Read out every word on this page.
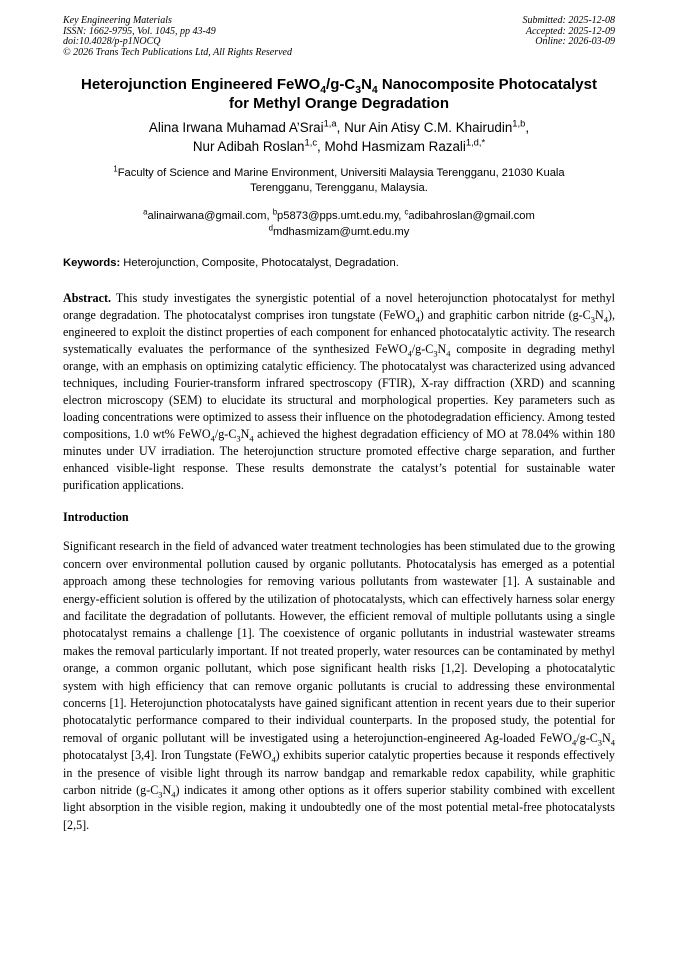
Key Engineering Materials
ISSN: 1662-9795, Vol. 1045, pp 43-49
doi:10.4028/p-p1NOCQ
© 2026 Trans Tech Publications Ltd, All Rights Reserved
Submitted: 2025-12-08
Accepted: 2025-12-09
Online: 2026-03-09
Heterojunction Engineered $FeWO_4/g-C_3N_4$ Nanocomposite Photocatalyst
for Methyl Orange Degradation
Alina Irwana Muhamad A’Srai$^{1,a}$, Nur Ain Atisy C.M. Khairudin$^{1,b}$,
Nur Adibah Roslan$^{1,c}$, Mohd Hasmizam Razali$^{1,d,*}$
$^1$Faculty of Science and Marine Environment, Universiti Malaysia Terengganu, 21030 Kuala
Terengganu, Terengganu, Malaysia.
$^a$alinairwana@gmail.com, $^b$p5873@pps.umt.edu.my, $^c$adibahroslan@gmail.com
$^d$mdhasmizam@umt.edu.my
Keywords: Heterojunction, Composite, Photocatalyst, Degradation.
Abstract. This study investigates the synergistic potential of a novel heterojunction photocatalyst for methyl orange degradation. The photocatalyst comprises iron tungstate (FeWO$_4$) and graphitic carbon nitride $(g-C_3N_4)$, engineered to exploit the distinct properties of each component for enhanced photocatalytic activity. The research systematically evaluates the performance of the synthesized $FeWO_4/g-C_3N_4$ composite in degrading methyl orange, with an emphasis on optimizing catalytic efficiency. The photocatalyst was characterized using advanced techniques, including Fourier-transform infrared spectroscopy (FTIR), X-ray diffraction (XRD) and scanning electron microscopy (SEM) to elucidate its structural and morphological properties. Key parameters such as loading concentrations were optimized to assess their influence on the photodegradation efficiency. Among tested compositions, 1.0 wt% $FeWO_4/g-C_3N_4$ achieved the highest degradation efficiency of MO at 78.04% within 180 minutes under UV irradiation. The heterojunction structure promoted effective charge separation, and further enhanced visible-light response. These results demonstrate the catalyst’s potential for sustainable water purification applications.
Introduction
Significant research in the field of advanced water treatment technologies has been stimulated due to the growing concern over environmental pollution caused by organic pollutants. Photocatalysis has emerged as a potential approach among these technologies for removing various pollutants from wastewater [1]. A sustainable and energy-efficient solution is offered by the utilization of photocatalysts, which can effectively harness solar energy and facilitate the degradation of pollutants. However, the efficient removal of multiple pollutants using a single photocatalyst remains a challenge [1]. The coexistence of organic pollutants in industrial wastewater streams makes the removal particularly important. If not treated properly, water resources can be contaminated by methyl orange, a common organic pollutant, which pose significant health risks [1,2]. Developing a photocatalytic system with high efficiency that can remove organic pollutants is crucial to addressing these environmental concerns [1]. Heterojunction photocatalysts have gained significant attention in recent years due to their superior photocatalytic performance compared to their individual counterparts. In the proposed study, the potential for removal of organic pollutant will be investigated using a heterojunction-engineered Ag-loaded $FeWO_4/g-C_3N_4$ photocatalyst [3,4]. Iron Tungstate (FeWO$_4$) exhibits superior catalytic properties because it responds effectively in the presence of visible light through its narrow bandgap and remarkable redox capability, while graphitic carbon nitride $(g-C_3N_4)$ indicates it among other options as it offers superior stability combined with excellent light absorption in the visible region, making it undoubtedly one of the most potential metal-free photocatalysts [2,5].
